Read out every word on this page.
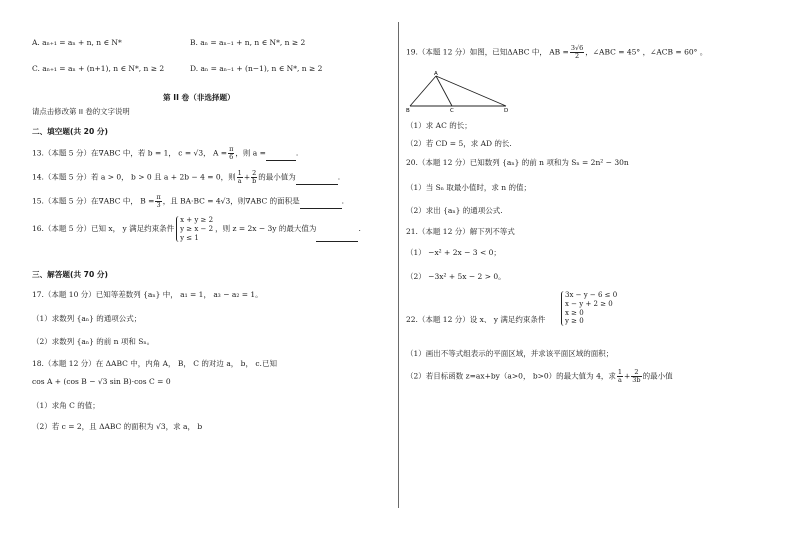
A. aₙ₊₁ = aₙ + n, n ∈ N*	B. aₙ = aₙ₋₁ + n, n ∈ N*, n ≥ 2
C. aₙ₊₁ = aₙ + (n+1), n ∈ N*, n ≥ 2	D. aₙ = aₙ₋₁ + (n−1), n ∈ N*, n ≥ 2
第 II 卷（非选择题）
请点击修改第 II 卷的文字说明
二、填空题(共 20 分)
13.（本题 5 分）在∇ABC 中，若 b = 1， c = √3， $A = \frac{\pi}{6}$ ，则 a =	.
14.（本题 5 分）若 a > 0， b > 0 且 a + 2b − 4 = 0，则 $\frac{1}{a} + \frac{2}{b}$ 的最小值为	.
15.（本题 5 分）在∇ABC 中， $B = \frac{\pi}{3}$ ，且 BA·BC = 4√3，则∇ABC 的面积是	.
16.（本题 5 分）已知 x， y 满足约束条件
x + y ≥ 2
y ≥ x − 2
y ≤ 1
，则 z = 2x − 3y 的最大值为	.
三、解答题(共 70 分)
17.（本题 10 分）已知等差数列 {aₙ} 中， a₁ = 1， a₃ − a₂ = 1。
（1）求数列 {aₙ} 的通项公式；
（2）求数列 {aₙ} 的前 n 项和 Sₙ。
18.（本题 12 分）在 ΔABC 中，内角 A， B， C 的对边 a， b， c.已知
cos A + (cos B − √3 sin B)·cos C = 0
（1）求角 C 的值；
（2）若 c = 2，且 ΔABC 的面积为 √3，求 a， b
19.（本题 12 分）如图，已知ΔABC 中， AB = $\frac{3√6}{2}$ ，∠ABC = 45° ，∠ACB = 60° 。
A
B	C	D
（1）求 AC 的长；
（2）若 CD = 5，求 AD 的长.
20.（本题 12 分）已知数列 {aₙ} 的前 n 项和为 Sₙ = 2n² − 30n
（1）当 Sₙ 取最小值时，求 n 的值；
（2）求出 {aₙ} 的通项公式.
21.（本题 12 分）解下列不等式
（1） −x² + 2x − 3 < 0；
（2） −3x² + 5x − 2 > 0。
22.（本题 12 分）设 x、 y 满足约束条件
3x − y − 6 ≤ 0
x − y + 2 ≥ 0
x ≥ 0
y ≥ 0
（1）画出不等式组表示的平面区域，并求该平面区域的面积；
（2）若目标函数 z=ax+by（a>0， b>0）的最大值为 4，求 $\frac{1}{a} + \frac{2}{3b}$ 的最小值
